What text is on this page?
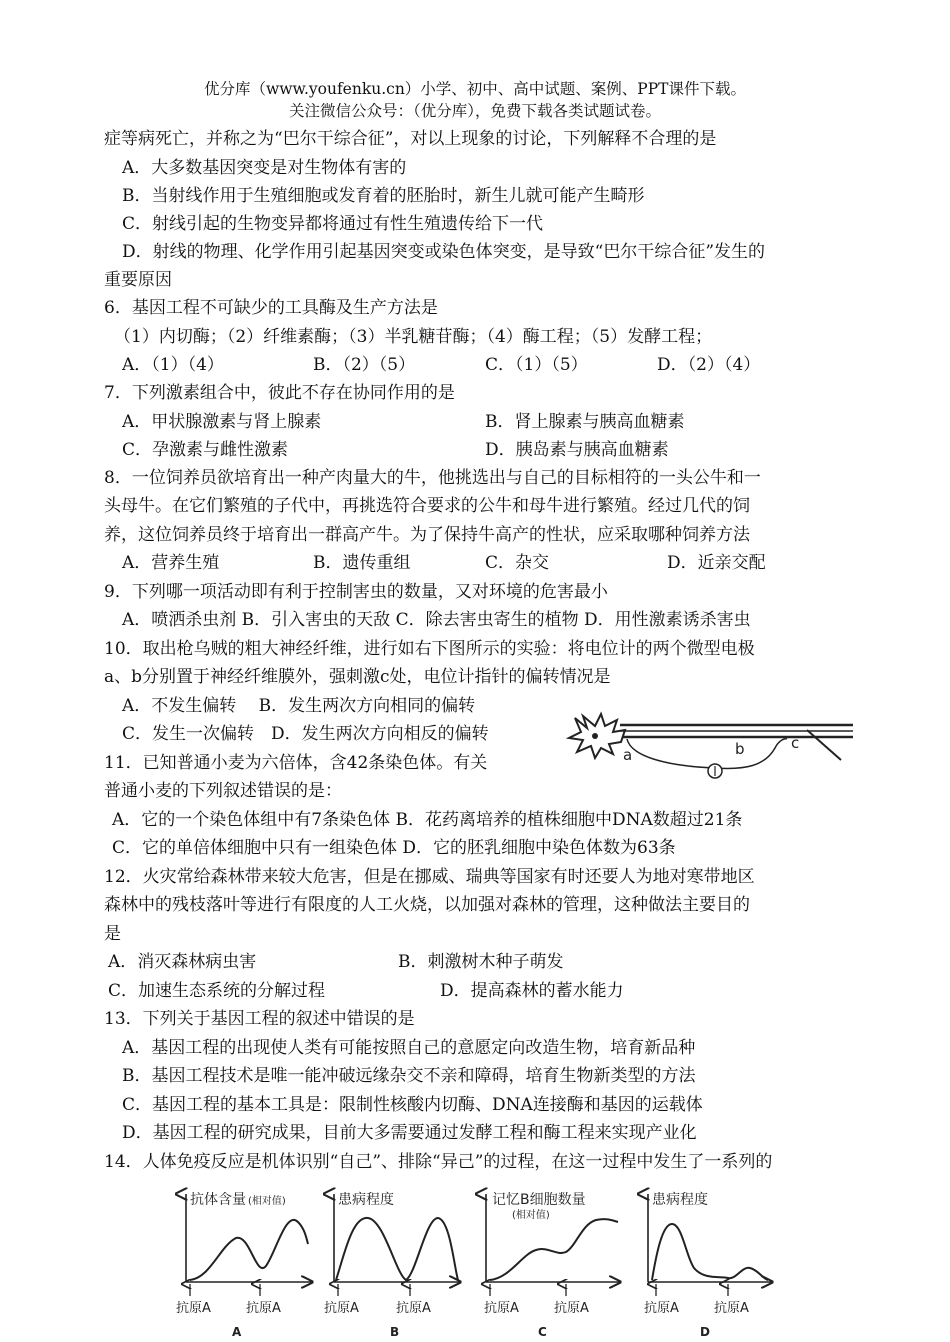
优分库（www.youfenku.cn）小学、初中、高中试题、案例、PPT课件下载。
关注微信公众号：（优分库），免费下载各类试题试卷。
症等病死亡，并称之为“巴尔干综合征”，对以上现象的讨论，下列解释不合理的是
A．大多数基因突变是对生物体有害的
B．当射线作用于生殖细胞或发育着的胚胎时，新生儿就可能产生畸形
C．射线引起的生物变异都将通过有性生殖遗传给下一代
D．射线的物理、化学作用引起基因突变或染色体突变，是导致“巴尔干综合征”发生的
重要原因
6．基因工程不可缺少的工具酶及生产方法是
（1）内切酶；（2）纤维素酶；（3）半乳糖苷酶；（4）酶工程；（5）发酵工程；
A．（1）（4）	B．（2）（5）	C．（1）（5）	D．（2）（4）
7．下列激素组合中，彼此不存在协同作用的是
A．甲状腺激素与肾上腺素	B．肾上腺素与胰高血糖素
C．孕激素与雌性激素	D．胰岛素与胰高血糖素
8．一位饲养员欲培育出一种产肉量大的牛，他挑选出与自己的目标相符的一头公牛和一
头母牛。在它们繁殖的子代中，再挑选符合要求的公牛和母牛进行繁殖。经过几代的饲
养，这位饲养员终于培育出一群高产牛。为了保持牛高产的性状，应采取哪种饲养方法
A．营养生殖	B．遗传重组	C．杂交	D．近亲交配
9．下列哪一项活动即有利于控制害虫的数量，又对环境的危害最小
A．喷洒杀虫剂 B．引入害虫的天敌 C．除去害虫寄生的植物 D．用性激素诱杀害虫
10．取出枪乌贼的粗大神经纤维，进行如右下图所示的实验：将电位计的两个微型电极
a、b分别置于神经纤维膜外，强刺激c处，电位计指针的偏转情况是
A．不发生偏转　 B．发生两次方向相同的偏转
C．发生一次偏转　D．发生两次方向相反的偏转
a	b	c
11．已知普通小麦为六倍体，含42条染色体。有关
普通小麦的下列叙述错误的是：
A．它的一个染色体组中有7条染色体 B．花药离培养的植株细胞中DNA数超过21条
C．它的单倍体细胞中只有一组染色体 D．它的胚乳细胞中染色体数为63条
12．火灾常给森林带来较大危害，但是在挪威、瑞典等国家有时还要人为地对寒带地区
森林中的残枝落叶等进行有限度的人工火烧，以加强对森林的管理，这种做法主要目的
是
A．消灭森林病虫害	B．刺激树木种子萌发
C．加速生态系统的分解过程	D．提高森林的蓄水能力
13．下列关于基因工程的叙述中错误的是
A．基因工程的出现使人类有可能按照自己的意愿定向改造生物，培育新品种
B．基因工程技术是唯一能冲破远缘杂交不亲和障碍，培育生物新类型的方法
C．基因工程的基本工具是：限制性核酸内切酶、DNA连接酶和基因的运载体
D．基因工程的研究成果，目前大多需要通过发酵工程和酶工程来实现产业化
14．人体免疫反应是机体识别“自己”、排除“异己”的过程，在这一过程中发生了一系列的
抗体含量 (相对值)
抗原A	抗原A
A
患病程度
抗原A	抗原A
B
记忆B细胞数量
(相对值)
抗原A	抗原A
C
患病程度
抗原A	抗原A
D
